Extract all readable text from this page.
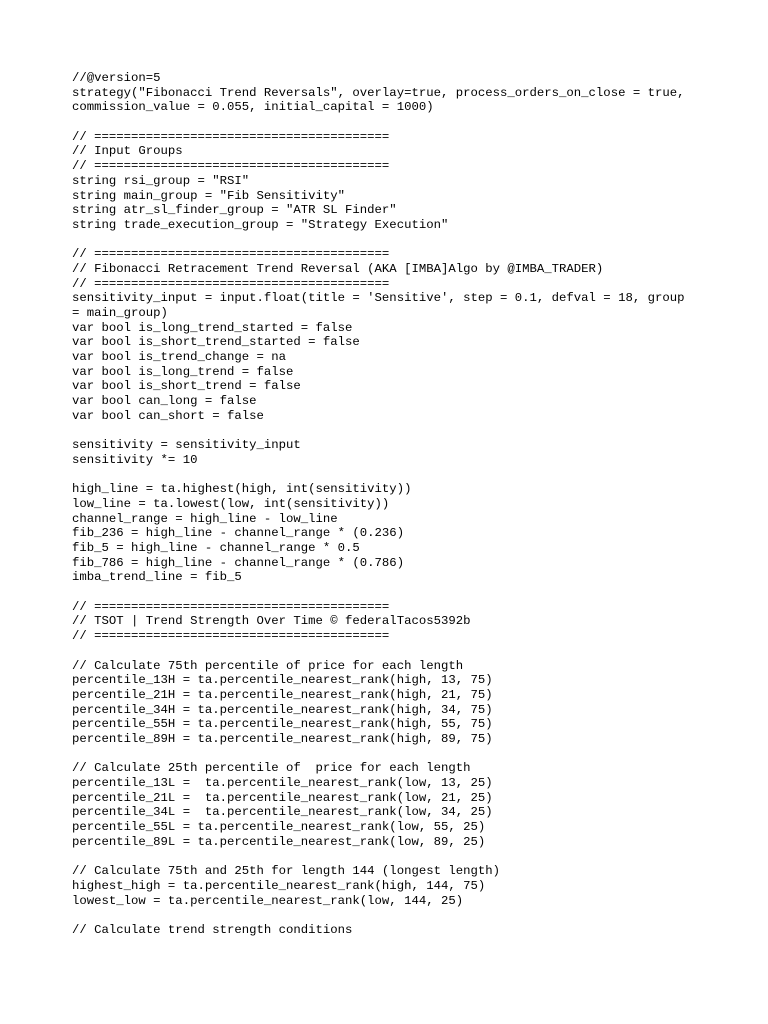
//@version=5
strategy("Fibonacci Trend Reversals", overlay=true, process_orders_on_close = true,
commission_value = 0.055, initial_capital = 1000)
// ========================================
// Input Groups
// ========================================
string rsi_group = "RSI"
string main_group = "Fib Sensitivity"
string atr_sl_finder_group = "ATR SL Finder"
string trade_execution_group = "Strategy Execution"
// ========================================
// Fibonacci Retracement Trend Reversal (AKA [IMBA]Algo by @IMBA_TRADER)
// ========================================
sensitivity_input = input.float(title = 'Sensitive', step = 0.1, defval = 18, group
= main_group)
var bool is_long_trend_started = false
var bool is_short_trend_started = false
var bool is_trend_change = na
var bool is_long_trend = false
var bool is_short_trend = false
var bool can_long = false
var bool can_short = false
sensitivity = sensitivity_input
sensitivity *= 10
high_line = ta.highest(high, int(sensitivity))
low_line = ta.lowest(low, int(sensitivity))
channel_range = high_line - low_line
fib_236 = high_line - channel_range * (0.236)
fib_5 = high_line - channel_range * 0.5
fib_786 = high_line - channel_range * (0.786)
imba_trend_line = fib_5
// ========================================
// TSOT | Trend Strength Over Time © federalTacos5392b
// ========================================
// Calculate 75th percentile of price for each length
percentile_13H = ta.percentile_nearest_rank(high, 13, 75)
percentile_21H = ta.percentile_nearest_rank(high, 21, 75)
percentile_34H = ta.percentile_nearest_rank(high, 34, 75)
percentile_55H = ta.percentile_nearest_rank(high, 55, 75)
percentile_89H = ta.percentile_nearest_rank(high, 89, 75)
// Calculate 25th percentile of  price for each length
percentile_13L =  ta.percentile_nearest_rank(low, 13, 25)
percentile_21L =  ta.percentile_nearest_rank(low, 21, 25)
percentile_34L =  ta.percentile_nearest_rank(low, 34, 25)
percentile_55L = ta.percentile_nearest_rank(low, 55, 25)
percentile_89L = ta.percentile_nearest_rank(low, 89, 25)
// Calculate 75th and 25th for length 144 (longest length)
highest_high = ta.percentile_nearest_rank(high, 144, 75)
lowest_low = ta.percentile_nearest_rank(low, 144, 25)
// Calculate trend strength conditions
